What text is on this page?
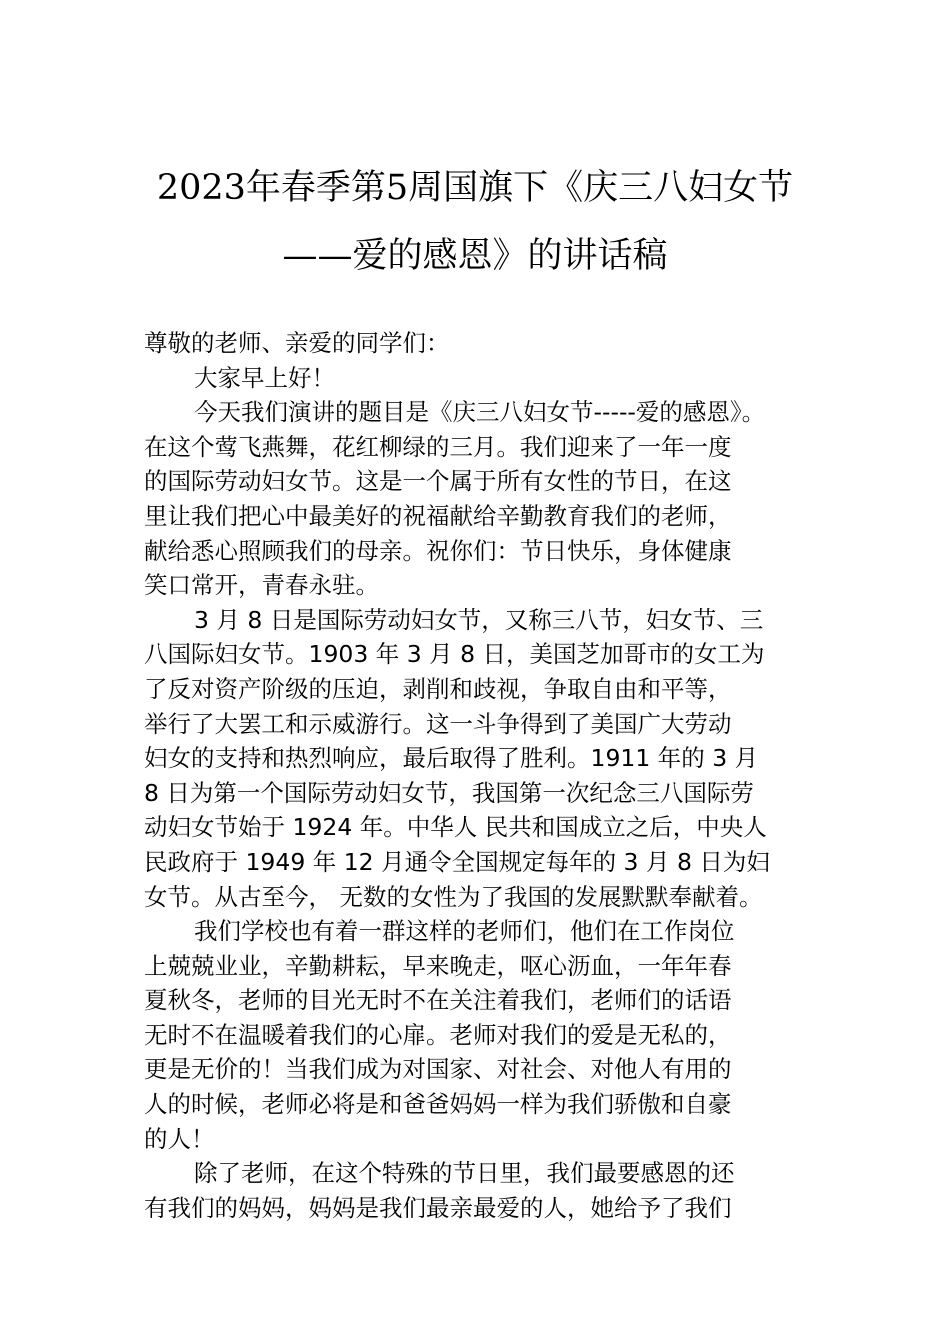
2023年春季第5周国旗下《庆三八妇女节
——爱的感恩》的讲话稿
尊敬的老师、亲爱的同学们：
大家早上好！
今天我们演讲的题目是《庆三八妇女节-----爱的感恩》。
在这个莺飞燕舞，花红柳绿的三月。我们迎来了一年一度
的国际劳动妇女节。这是一个属于所有女性的节日，在这
里让我们把心中最美好的祝福献给辛勤教育我们的老师，
献给悉心照顾我们的母亲。祝你们：节日快乐，身体健康
笑口常开，青春永驻。
3 月 8 日是国际劳动妇女节，又称三八节，妇女节、三
八国际妇女节。1903 年 3 月 8 日，美国芝加哥市的女工为
了反对资产阶级的压迫，剥削和歧视，争取自由和平等，
举行了大罢工和示威游行。这一斗争得到了美国广大劳动
妇女的支持和热烈响应，最后取得了胜利。1911 年的 3 月
8 日为第一个国际劳动妇女节，我国第一次纪念三八国际劳
动妇女节始于 1924 年。中华人 民共和国成立之后，中央人
民政府于 1949 年 12 月通令全国规定每年的 3 月 8 日为妇
女节。从古至今， 无数的女性为了我国的发展默默奉献着。
我们学校也有着一群这样的老师们，他们在工作岗位
上兢兢业业，辛勤耕耘，早来晚走，呕心沥血，一年年春
夏秋冬，老师的目光无时不在关注着我们，老师们的话语
无时不在温暖着我们的心扉。老师对我们的爱是无私的，
更是无价的！当我们成为对国家、对社会、对他人有用的
人的时候，老师必将是和爸爸妈妈一样为我们骄傲和自豪
的人！
除了老师，在这个特殊的节日里，我们最要感恩的还
有我们的妈妈，妈妈是我们最亲最爱的人，她给予了我们
